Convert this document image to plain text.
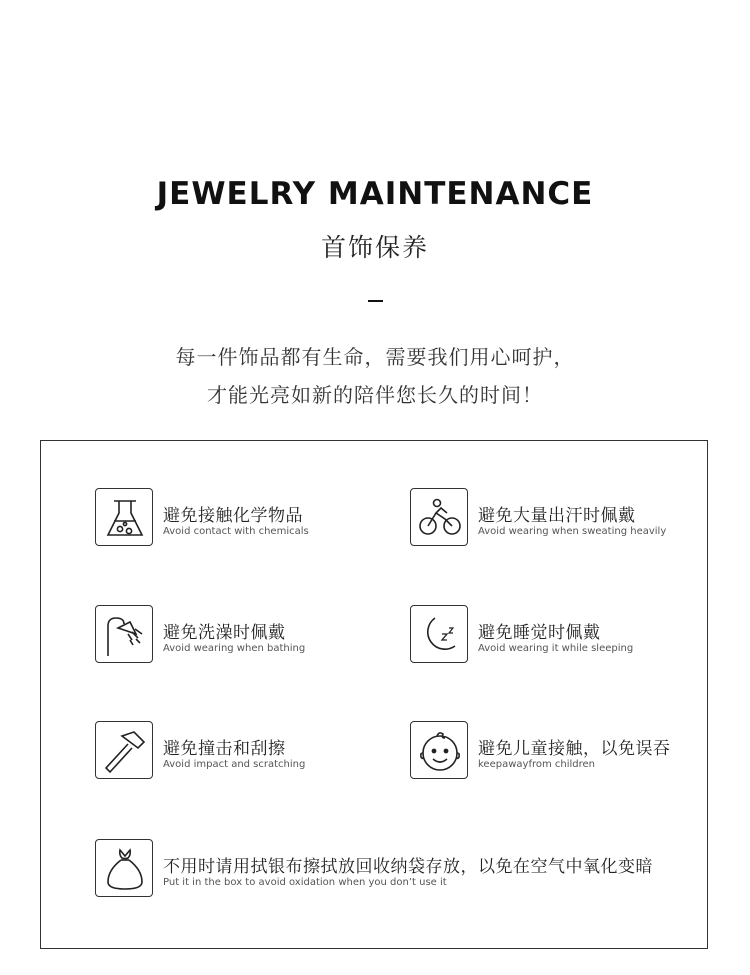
JEWELRY MAINTENANCE
首饰保养
每一件饰品都有生命，需要我们用心呵护，
才能光亮如新的陪伴您长久的时间！
避免接触化学物品
Avoid contact with chemicals
避免大量出汗时佩戴
Avoid wearing when sweating heavily
避免洗澡时佩戴
Avoid wearing when bathing
避免睡觉时佩戴
Avoid wearing it while sleeping
避免撞击和刮擦
Avoid impact and scratching
避免儿童接触，以免误吞
keepawayfrom children
不用时请用拭银布擦拭放回收纳袋存放，以免在空气中氧化变暗
Put it in the box to avoid oxidation when you don’t use it
